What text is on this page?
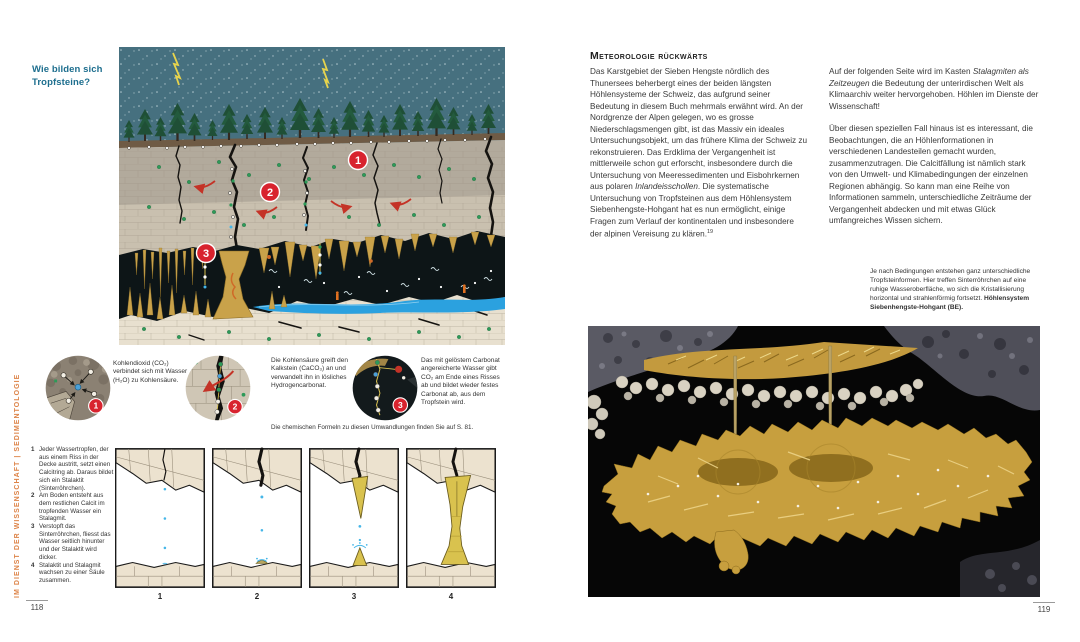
IM DIENST DER WISSENSCHAFT | SEDIMENTOLOGIE
Wie bilden sich Tropfsteine?
1
2
3
1
Kohlendioxid (CO₂) verbindet sich mit Wasser (H₂O) zu Kohlensäure.
2
Die Kohlensäure greift den Kalkstein (CaCO₃) an und verwandelt ihn in lösliches Hydrogencarbonat.
3
Das mit gelöstem Carbonat angereicherte Wasser gibt CO₂ am Ende eines Risses ab und bildet wieder festes Carbonat ab, aus dem Tropfstein wird.
Die chemischen Formeln zu diesen Umwandlungen finden Sie auf S. 81.
1 Jeder Wassertropfen, der aus einem Riss in der Decke austritt, setzt einen Calcitring ab. Daraus bildet sich ein Stalaktit (Sinterröhrchen).
2 Am Boden entsteht aus dem restlichen Calcit im tropfenden Wasser ein Stalagmit.
3 Verstopft das Sinterröhrchen, fliesst das Wasser seitlich hinunter und der Stalaktit wird dicker.
4 Stalaktit und Stalagmit wachsen zu einer Säule zusammen.
1	2	3	4
118
Meteorologie rückwärts
Das Karstgebiet der Sieben Hengste nördlich des Thunersees beherbergt eines der beiden längsten Höhlensysteme der Schweiz, das aufgrund seiner Bedeutung in diesem Buch mehrmals erwähnt wird. An der Nordgrenze der Alpen gelegen, wo es grosse Niederschlagsmengen gibt, ist das Massiv ein ideales Untersuchungsobjekt, um das frühere Klima der Schweiz zu rekonstruieren. Das Erdklima der Vergangenheit ist mittlerweile schon gut erforscht, insbesondere durch die Untersuchung von Meeressedimenten und Eisbohrkernen aus polaren Inlandeisschollen. Die systematische Untersuchung von Tropfsteinen aus dem Höhlensystem Siebenhengste-Hohgant hat es nun ermöglicht, einige Fragen zum Verlauf der kontinentalen und insbesondere der alpinen Vereisung zu klären.$^{19}$
Auf der folgenden Seite wird im Kasten Stalagmiten als Zeitzeugen die Bedeutung der unterirdischen Welt als Klimaarchiv weiter hervorgehoben. Höhlen im Dienste der Wissenschaft!
Über diesen speziellen Fall hinaus ist es interessant, die Beobachtungen, die an Höhlenformationen in verschiedenen Landesteilen gemacht wurden, zusammenzutragen. Die Calcitfällung ist nämlich stark von den Umwelt- und Klimabedingungen der einzelnen Regionen abhängig. So kann man eine Reihe von Informationen sammeln, unterschiedliche Zeiträume der Vergangenheit abdecken und mit etwas Glück umfangreiches Wissen sichern.
Je nach Bedingungen entstehen ganz unterschiedliche Tropfsteinformen. Hier treffen Sinterröhrchen auf eine ruhige Wasseroberfläche, wo sich die Kristallisierung horizontal und strahlenförmig fortsetzt. Höhlensystem Siebenhengste-Hohgant (BE).
119
